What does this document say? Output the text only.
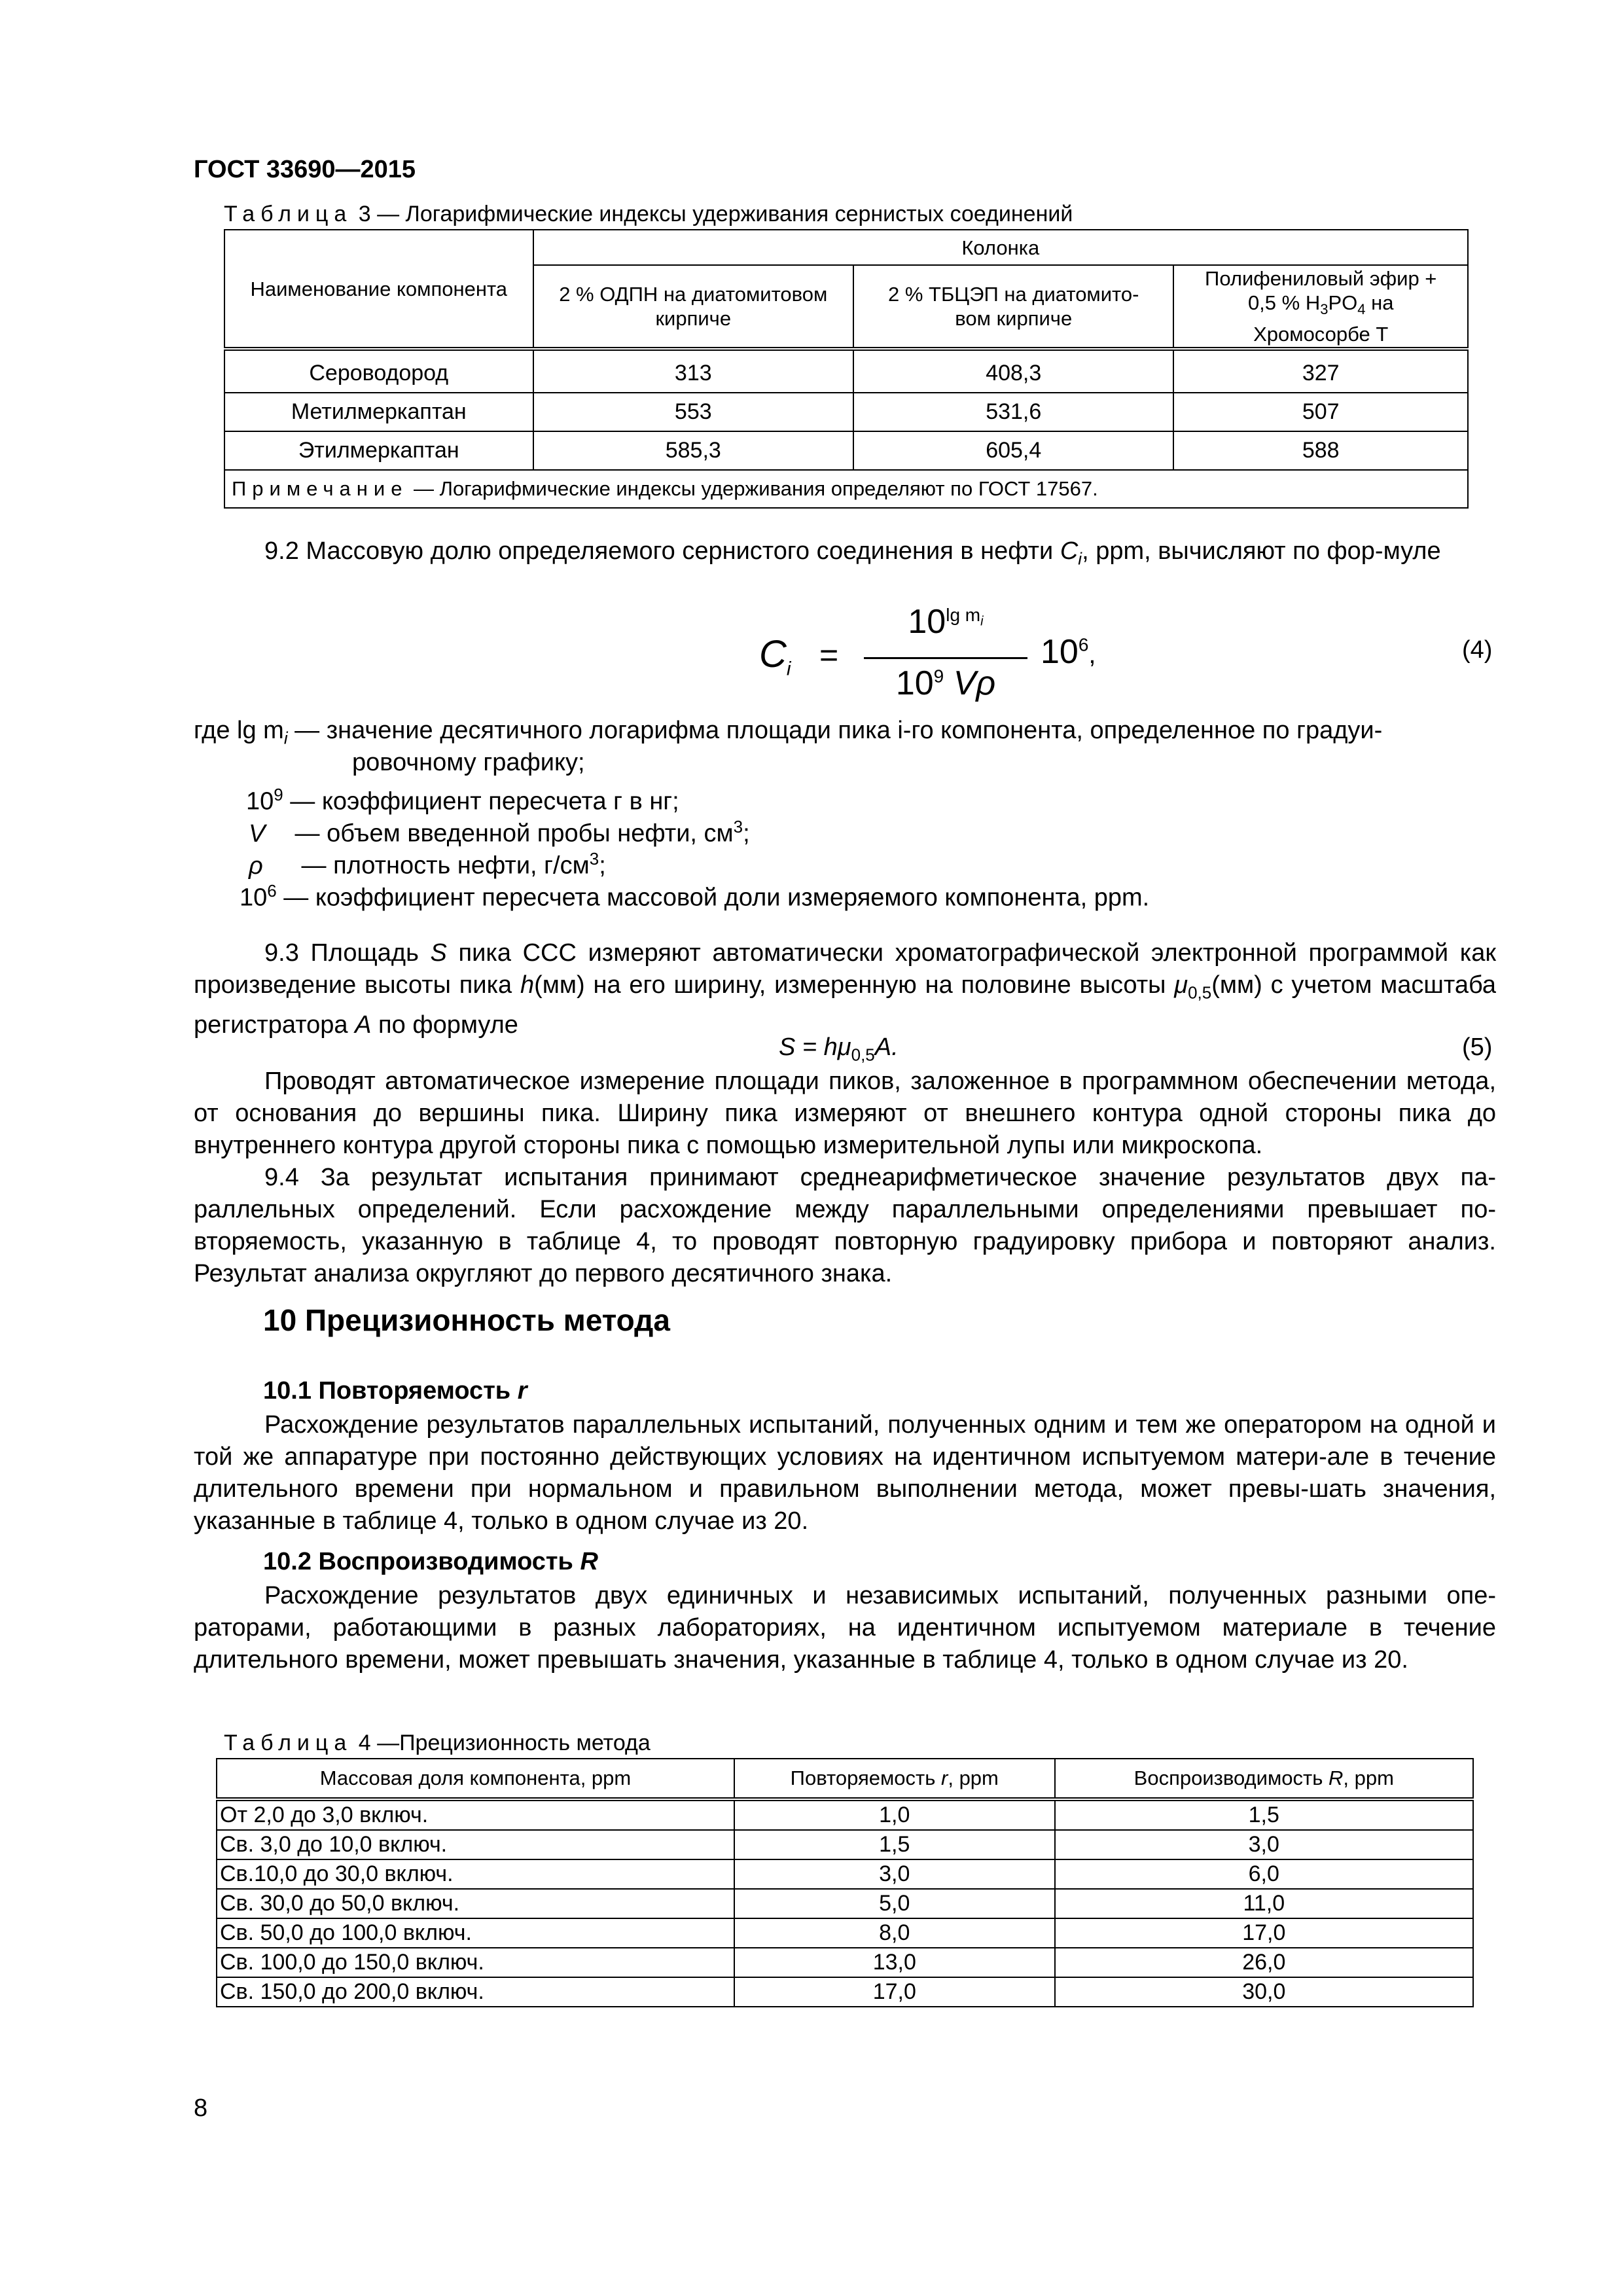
ГОСТ 33690—2015
Таблица 3 — Логарифмические индексы удерживания сернистых соединений
Наименование компонента	Колонка		
	2 % ОДПН на диатомитовом кирпиче	2 % ТБЦЭП на диатомито-вом кирпиче	Полифениловый эфир +
0,5 % $H_3PO_4$ на
Хромосорбе Т

Сероводород	313	408,3	327
Метилмеркаптан	553	531,6	507
Этилмеркаптан	585,3	605,4	588
Примечание — Логарифмические индексы удерживания определяют по ГОСТ 17567.			
9.2 Массовую долю определяемого сернистого соединения в нефти $C_i$, ppm, вычисляют по фор-муле
$C_i$ =
$10^{lg m_i}$
$10^9$ Vρ
$10^6$,	(4)
где $\lg m_i$ — значение десятичного логарифма площади пика i-го компонента, определенное по градуи-
ровочному графику;
$10^9$ — коэффициент пересчета г в нг;
V — объем введенной пробы нефти, $см^3$;
ρ — плотность нефти, $г/см^3$;
$10^6$ — коэффициент пересчета массовой доли измеряемого компонента, ppm.
9.3 Площадь S пика ССС измеряют автоматически хроматографической электронной программой как произведение высоты пика h(мм) на его ширину, измеренную на половине высоты $\mu_{0,5}(мм)$ с учетом масштаба регистратора A по формуле
$S = h\mu_{0,5}A$.	(5)
Проводят автоматическое измерение площади пиков, заложенное в программном обеспечении метода, от основания до вершины пика. Ширину пика измеряют от внешнего контура одной стороны пика до внутреннего контура другой стороны пика с помощью измерительной лупы или микроскопа.
9.4 За результат испытания принимают среднеарифметическое значение результатов двух па-раллельных определений. Если расхождение между параллельными определениями превышает по-вторяемость, указанную в таблице 4, то проводят повторную градуировку прибора и повторяют анализ. Результат анализа округляют до первого десятичного знака.
10 Прецизионность метода
10.1 Повторяемость r
Расхождение результатов параллельных испытаний, полученных одним и тем же оператором на одной и той же аппаратуре при постоянно действующих условиях на идентичном испытуемом матери-але в течение длительного времени при нормальном и правильном выполнении метода, может превы-шать значения, указанные в таблице 4, только в одном случае из 20.
10.2 Воспроизводимость R
Расхождение результатов двух единичных и независимых испытаний, полученных разными опе-раторами, работающими в разных лабораториях, на идентичном испытуемом материале в течение длительного времени, может превышать значения, указанные в таблице 4, только в одном случае из 20.
Таблица 4 —Прецизионность метода
Массовая доля компонента, ppm	Повторяемость r, ppm	Воспроизводимость R, ppm
От 2,0 до 3,0 включ.	1,0	1,5
Св. 3,0 до 10,0 включ.	1,5	3,0
Св.10,0 до 30,0 включ.	3,0	6,0
Св. 30,0 до 50,0 включ.	5,0	11,0
Св. 50,0 до 100,0 включ.	8,0	17,0
Св. 100,0 до 150,0 включ.	13,0	26,0
Св. 150,0 до 200,0 включ.	17,0	30,0
8
